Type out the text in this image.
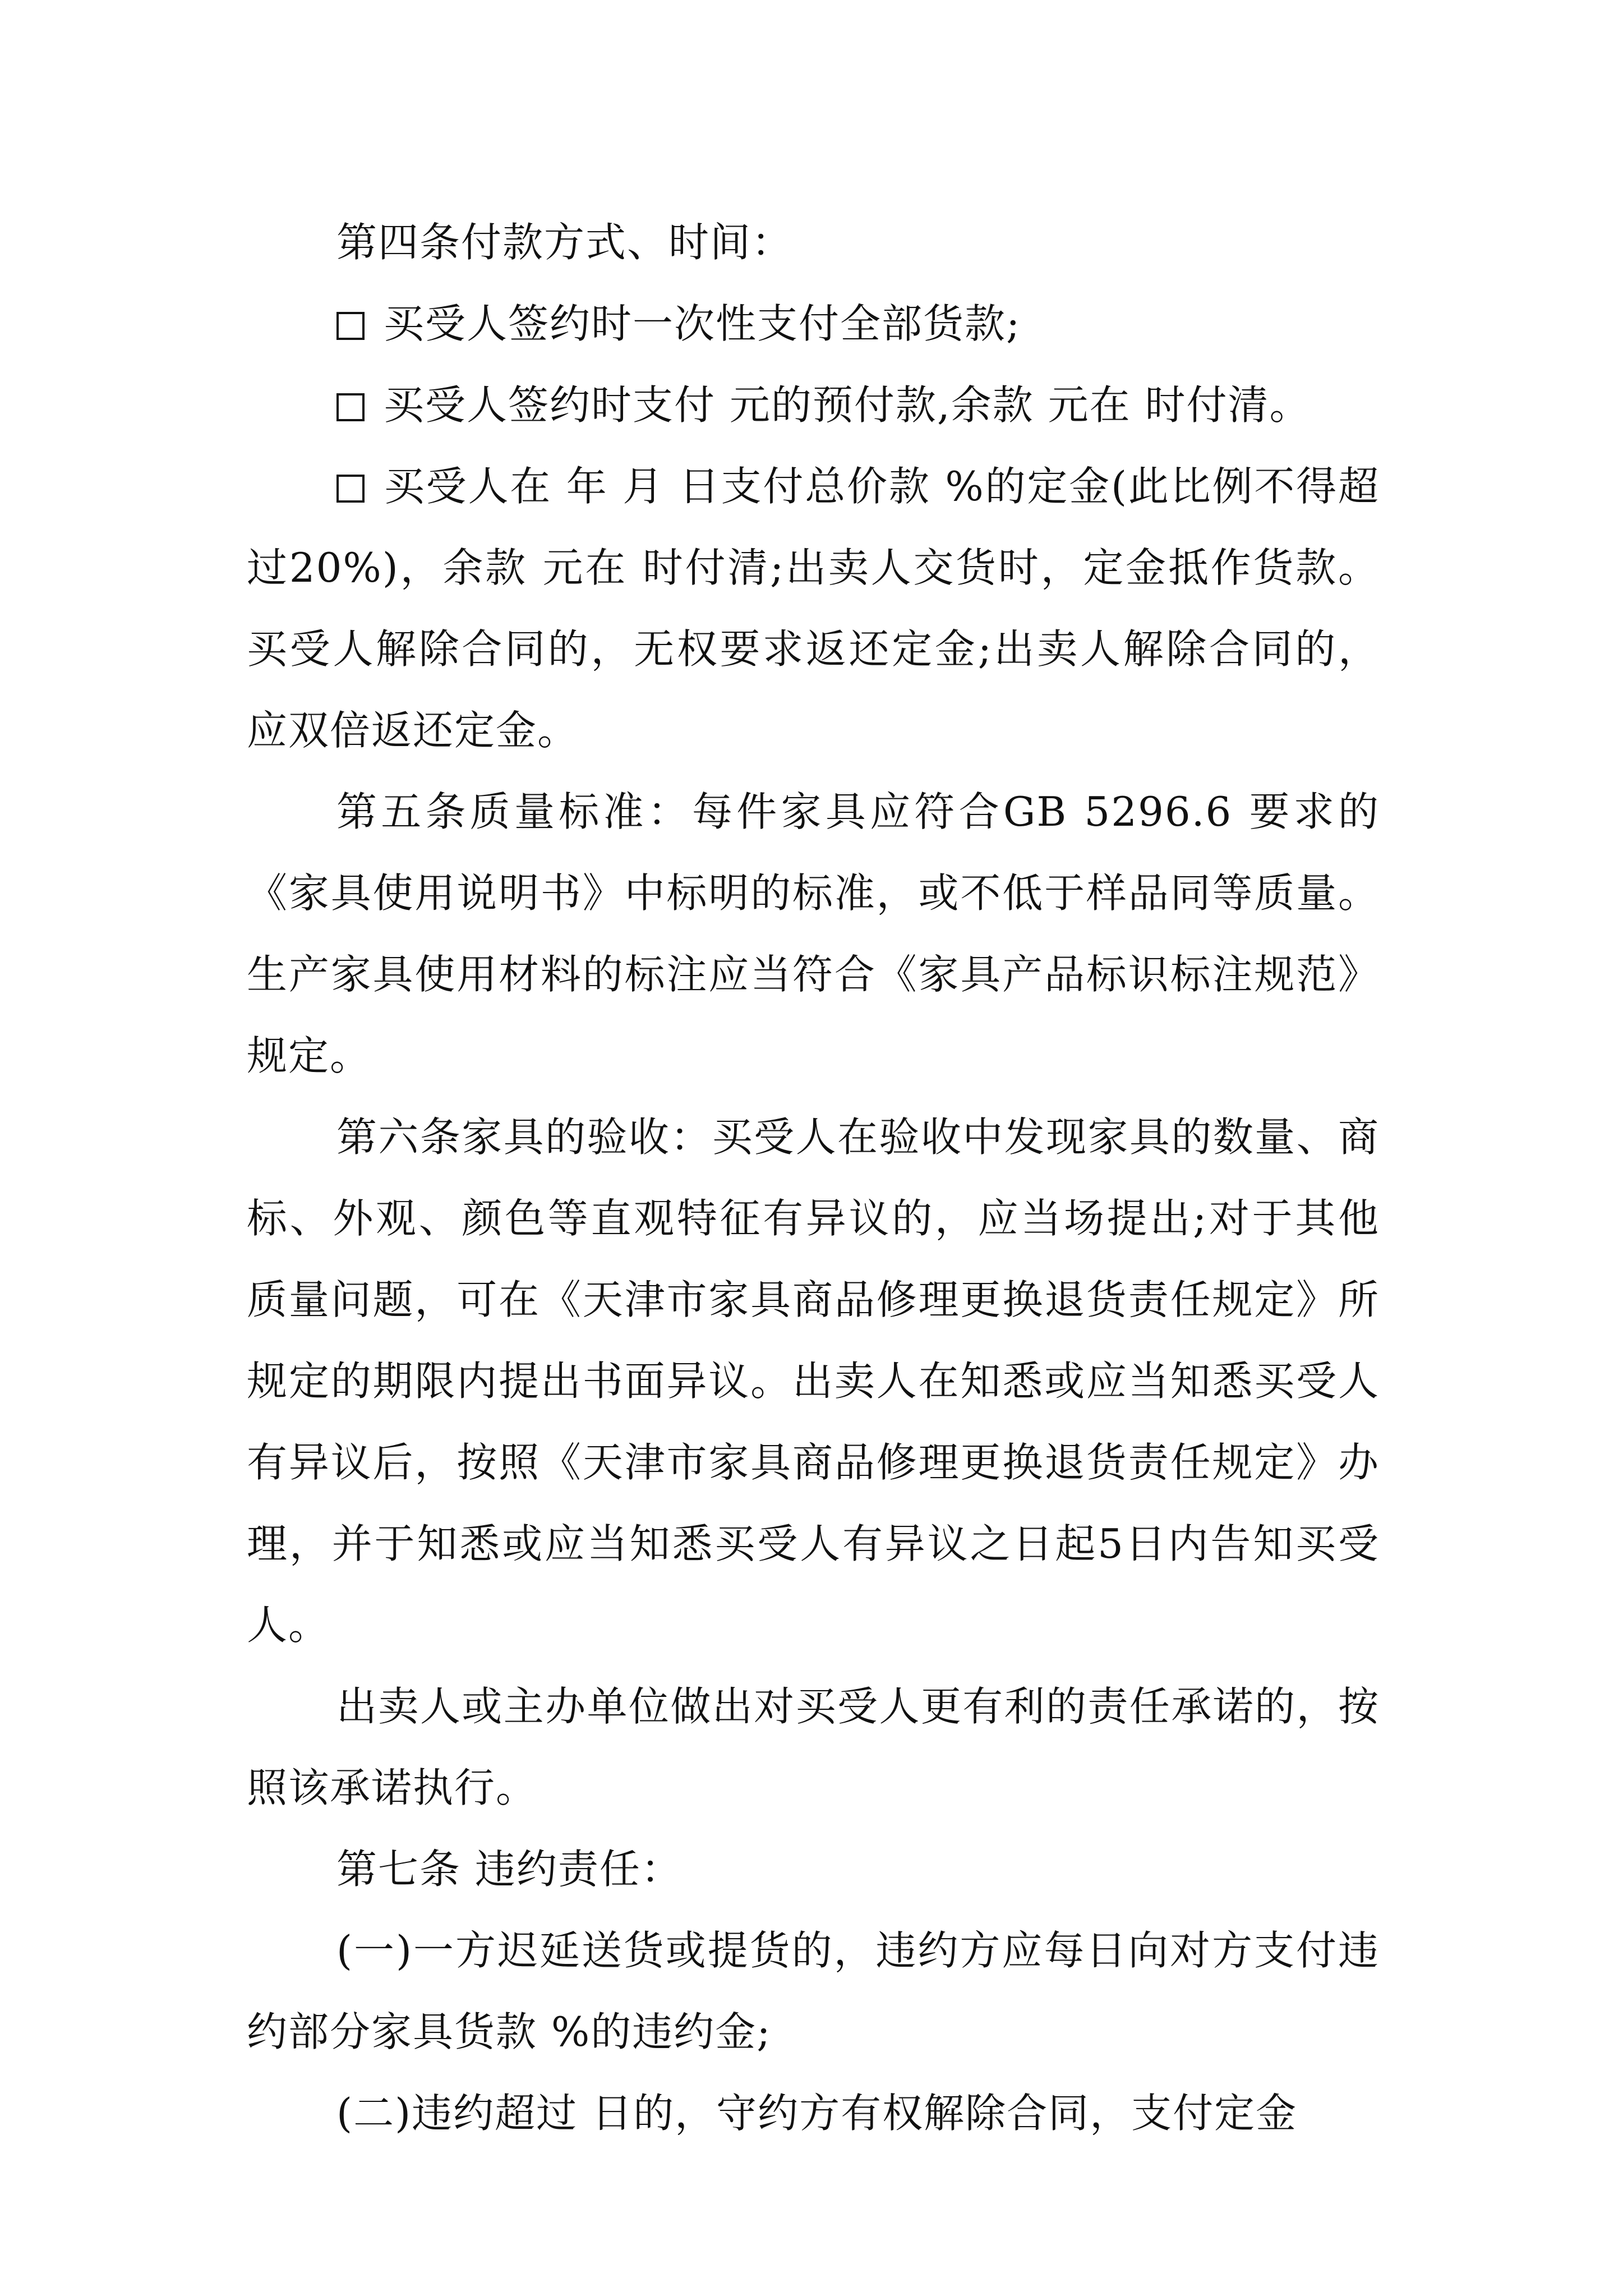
第四条付款方式、时间：

买受人签约时一次性支付全部货款;

买受人签约时支付 元的预付款,余款 元在 时付清。

买受人在 年 月 日支付总价款 %的定金(此比例不得超过20%)，余款 元在 时付清;出卖人交货时，定金抵作货款。买受人解除合同的，无权要求返还定金;出卖人解除合同的，应双倍返还定金。

第五条质量标准：每件家具应符合GB 5296.6 要求的《家具使用说明书》中标明的标准，或不低于样品同等质量。生产家具使用材料的标注应当符合《家具产品标识标注规范》规定。

第六条家具的验收：买受人在验收中发现家具的数量、商标、外观、颜色等直观特征有异议的，应当场提出;对于其他质量问题，可在《天津市家具商品修理更换退货责任规定》所规定的期限内提出书面异议。出卖人在知悉或应当知悉买受人有异议后，按照《天津市家具商品修理更换退货责任规定》办理，并于知悉或应当知悉买受人有异议之日起5日内告知买受人。

出卖人或主办单位做出对买受人更有利的责任承诺的，按照该承诺执行。

第七条 违约责任：

(一)一方迟延送货或提货的，违约方应每日向对方支付违约部分家具货款 %的违约金;

(二)违约超过 日的，守约方有权解除合同，支付定金
